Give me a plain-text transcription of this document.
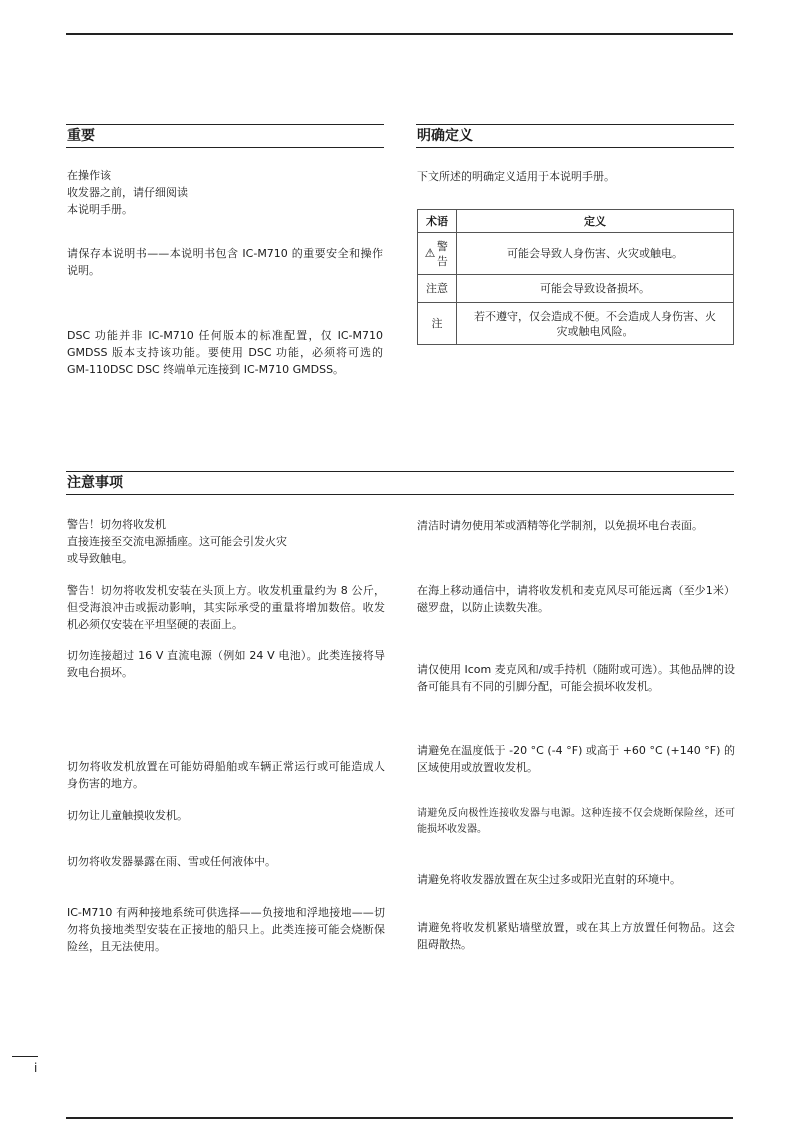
重要

在操作该
收发器之前，请仔细阅读
本说明手册。

请保存本说明书——本说明书包含 IC-M710 的重要安全和操作说明。

DSC 功能并非 IC-M710 任何版本的标准配置，仅 IC-M710 GMDSS 版本支持该功能。要使用 DSC 功能，必须将可选的 GM-110DSC DSC 终端单元连接到 IC-M710 GMDSS。

明确定义

下文所述的明确定义适用于本说明手册。

术语	定义
⚠ 警告	可能会导致人身伤害、火灾或触电。
注意	可能会导致设备损坏。
注	若不遵守，仅会造成不便。不会造成人身伤害、火灾或触电风险。
注意事项

警告！切勿将收发机
直接连接至交流电源插座。这可能会引发火灾
或导致触电。

警告！切勿将收发机安装在头顶上方。收发机重量约为 8 公斤，但受海浪冲击或振动影响，其实际承受的重量将增加数倍。收发机必须仅安装在平坦坚硬的表面上。

切勿连接超过 16 V 直流电源（例如 24 V 电池）。此类连接将导致电台损坏。

切勿将收发机放置在可能妨碍船舶或车辆正常运行或可能造成人身伤害的地方。

切勿让儿童触摸收发机。

切勿将收发器暴露在雨、雪或任何液体中。

IC-M710 有两种接地系统可供选择——负接地和浮地接地——切勿将负接地类型安装在正接地的船只上。此类连接可能会烧断保险丝，且无法使用。

清洁时请勿使用苯或酒精等化学制剂，以免损坏电台表面。

在海上移动通信中，请将收发机和麦克风尽可能远离（至少1米）磁罗盘，以防止读数失准。

请仅使用 Icom 麦克风和/或手持机（随附或可选）。其他品牌的设备可能具有不同的引脚分配，可能会损坏收发机。

请避免在温度低于 -20 °C (-4 °F) 或高于 +60 °C (+140 °F) 的区域使用或放置收发机。

请避免反向极性连接收发器与电源。这种连接不仅会烧断保险丝，还可能损坏收发器。

请避免将收发器放置在灰尘过多或阳光直射的环境中。

请避免将收发机紧贴墙壁放置，或在其上方放置任何物品。这会阻碍散热。

i
